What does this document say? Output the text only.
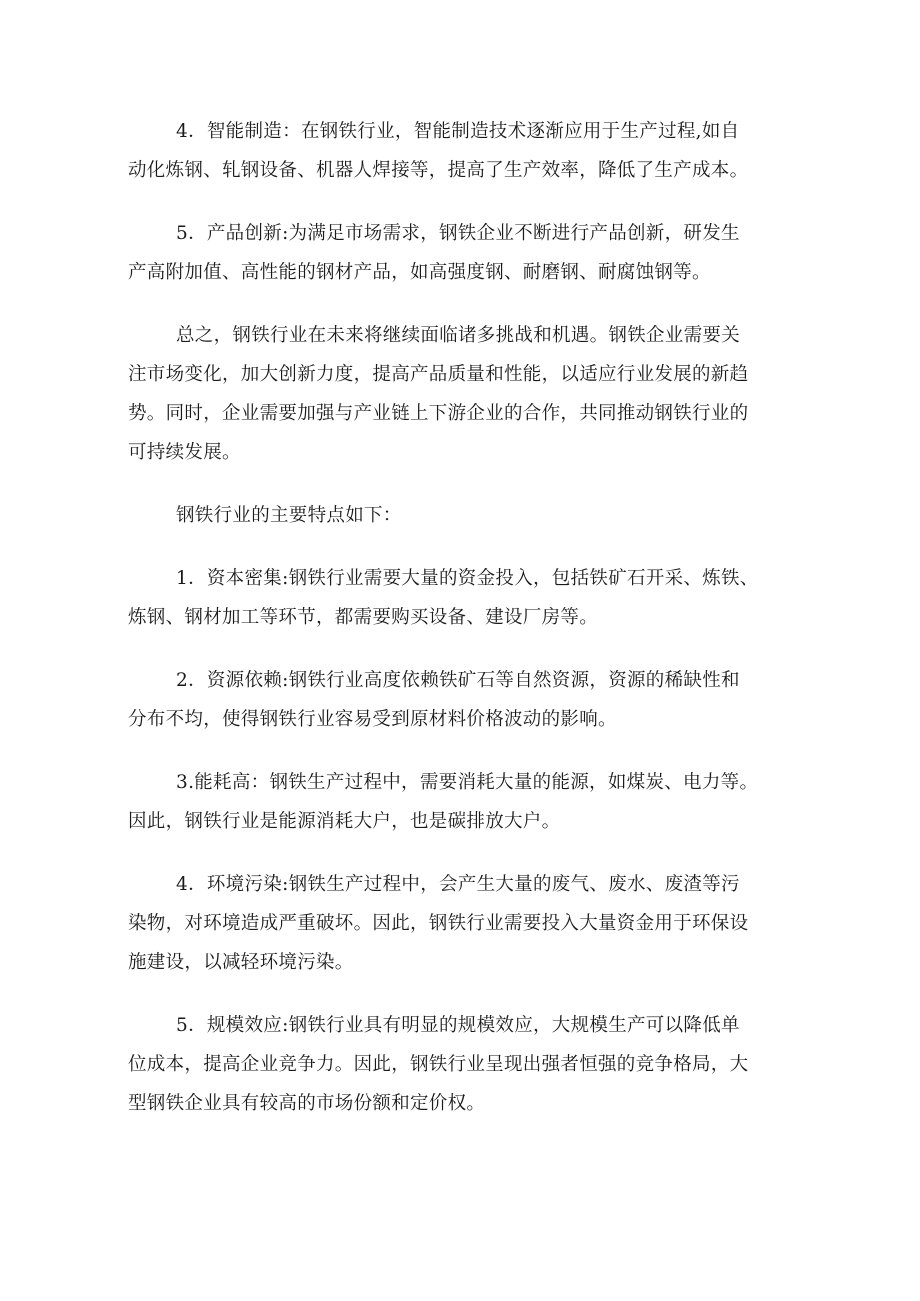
4．智能制造：在钢铁行业，智能制造技术逐渐应用于生产过程,如自
动化炼钢、轧钢设备、机器人焊接等，提高了生产效率，降低了生产成本。

5．产品创新:为满足市场需求，钢铁企业不断进行产品创新，研发生
产高附加值、高性能的钢材产品，如高强度钢、耐磨钢、耐腐蚀钢等。

总之，钢铁行业在未来将继续面临诸多挑战和机遇。钢铁企业需要关
注市场变化，加大创新力度，提高产品质量和性能，以适应行业发展的新趋
势。同时，企业需要加强与产业链上下游企业的合作，共同推动钢铁行业的
可持续发展。

钢铁行业的主要特点如下：

1．资本密集:钢铁行业需要大量的资金投入，包括铁矿石开采、炼铁、
炼钢、钢材加工等环节，都需要购买设备、建设厂房等。

2．资源依赖:钢铁行业高度依赖铁矿石等自然资源，资源的稀缺性和
分布不均，使得钢铁行业容易受到原材料价格波动的影响。

3.能耗高：钢铁生产过程中，需要消耗大量的能源，如煤炭、电力等。
因此，钢铁行业是能源消耗大户，也是碳排放大户。

4．环境污染:钢铁生产过程中，会产生大量的废气、废水、废渣等污
染物，对环境造成严重破坏。因此，钢铁行业需要投入大量资金用于环保设
施建设，以减轻环境污染。

5．规模效应:钢铁行业具有明显的规模效应，大规模生产可以降低单
位成本，提高企业竞争力。因此，钢铁行业呈现出强者恒强的竞争格局，大
型钢铁企业具有较高的市场份额和定价权。
